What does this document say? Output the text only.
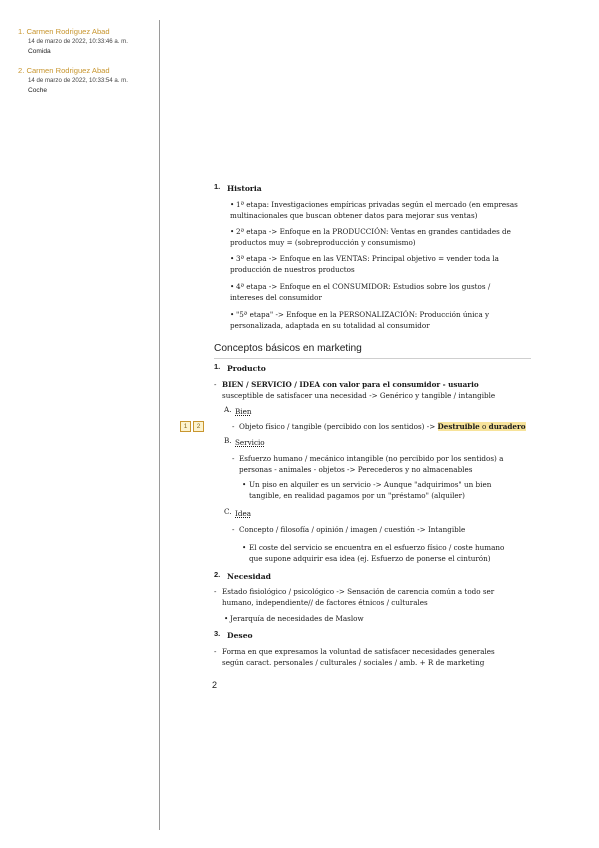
1. Carmen Rodriguez Abad
14 de marzo de 2022, 10:33:46 a. m.
Comida
2. Carmen Rodriguez Abad
14 de marzo de 2022, 10:33:54 a. m.
Coche
1. Historia
• 1ª etapa: Investigaciones empíricas privadas según el mercado (en empresas
multinacionales que buscan obtener datos para mejorar sus ventas)
• 2ª etapa -> Enfoque en la PRODUCCIÓN: Ventas en grandes cantidades de
productos muy = (sobreproducción y consumismo)
• 3ª etapa -> Enfoque en las VENTAS: Principal objetivo = vender toda la
producción de nuestros productos
• 4ª etapa -> Enfoque en el CONSUMIDOR: Estudios sobre los gustos /
intereses del consumidor
• "5ª etapa" -> Enfoque en la PERSONALIZACIÓN: Producción única y
personalizada, adaptada en su totalidad al consumidor
Conceptos básicos en marketing
1. Producto
- BIEN / SERVICIO / IDEA con valor para el consumidor - usuario
susceptible de satisfacer una necesidad -> Genérico y tangible / intangible
A. Bien
1	2	- Objeto físico / tangible (percibido con los sentidos) -> Destruible o duradero
B. Servicio
- Esfuerzo humano / mecánico intangible (no percibido por los sentidos) a
personas - animales - objetos -> Perecederos y no almacenables
• Un piso en alquiler es un servicio -> Aunque "adquirimos" un bien
tangible, en realidad pagamos por un "préstamo" (alquiler)
C. Idea
- Concepto / filosofía / opinión / imagen / cuestión -> Intangible
• El coste del servicio se encuentra en el esfuerzo físico / coste humano
que supone adquirir esa idea (ej. Esfuerzo de ponerse el cinturón)
2. Necesidad
- Estado fisiológico / psicológico -> Sensación de carencia común a todo ser
humano, independiente// de factores étnicos / culturales
• Jerarquía de necesidades de Maslow
3. Deseo
- Forma en que expresamos la voluntad de satisfacer necesidades generales
según caract. personales / culturales / sociales / amb. + R de marketing
2
